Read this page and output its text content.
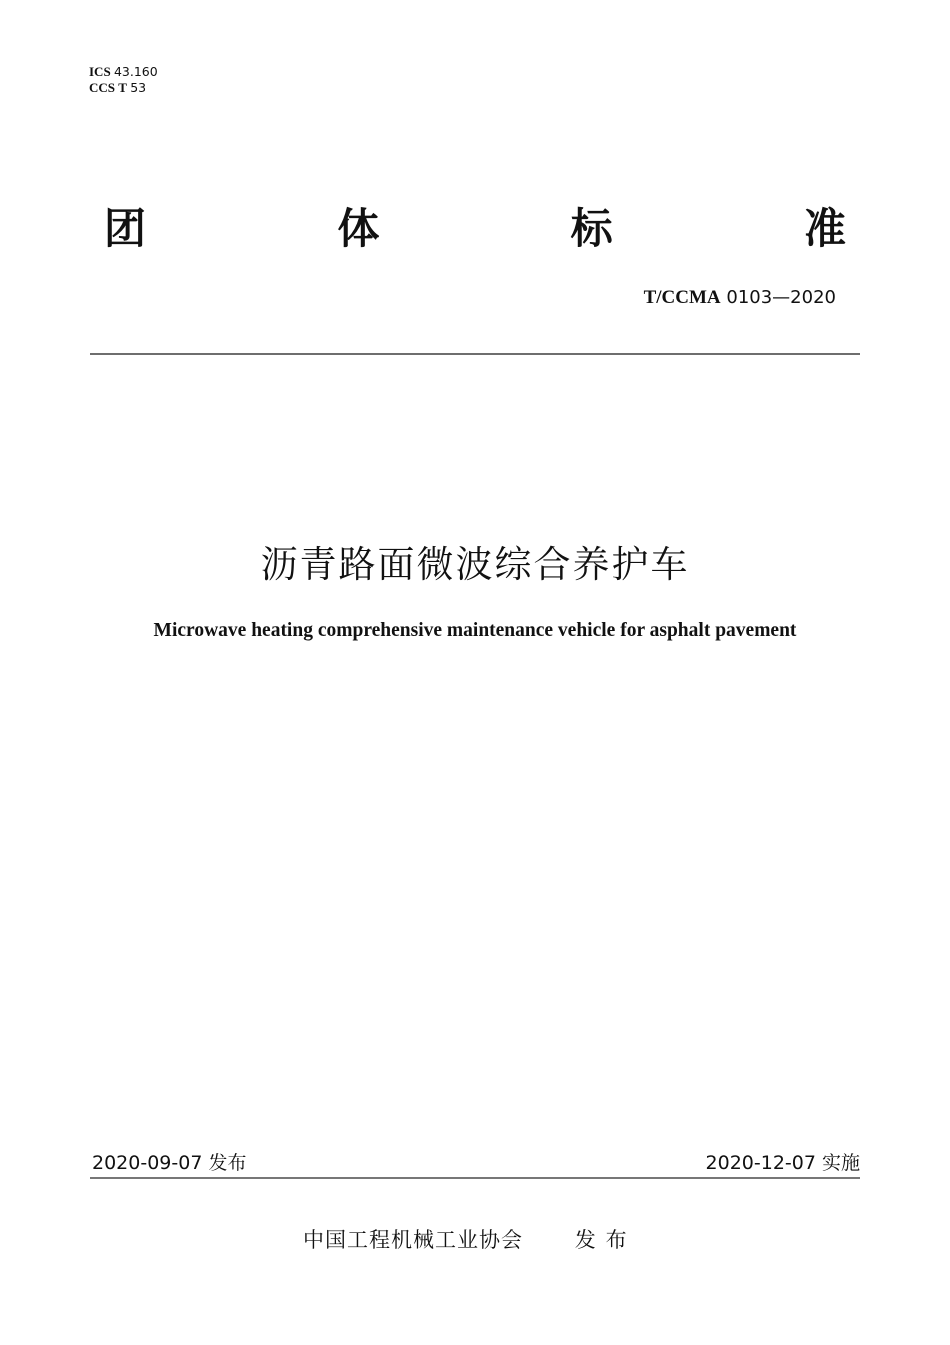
ICS 43.160
CCS T 53
团	体	标	准
T/CCMA 0103—2020
沥青路面微波综合养护车
Microwave heating comprehensive maintenance vehicle for asphalt pavement
2020-09-07 发布	2020-12-07 实施
中国工程机械工业协会 发布
